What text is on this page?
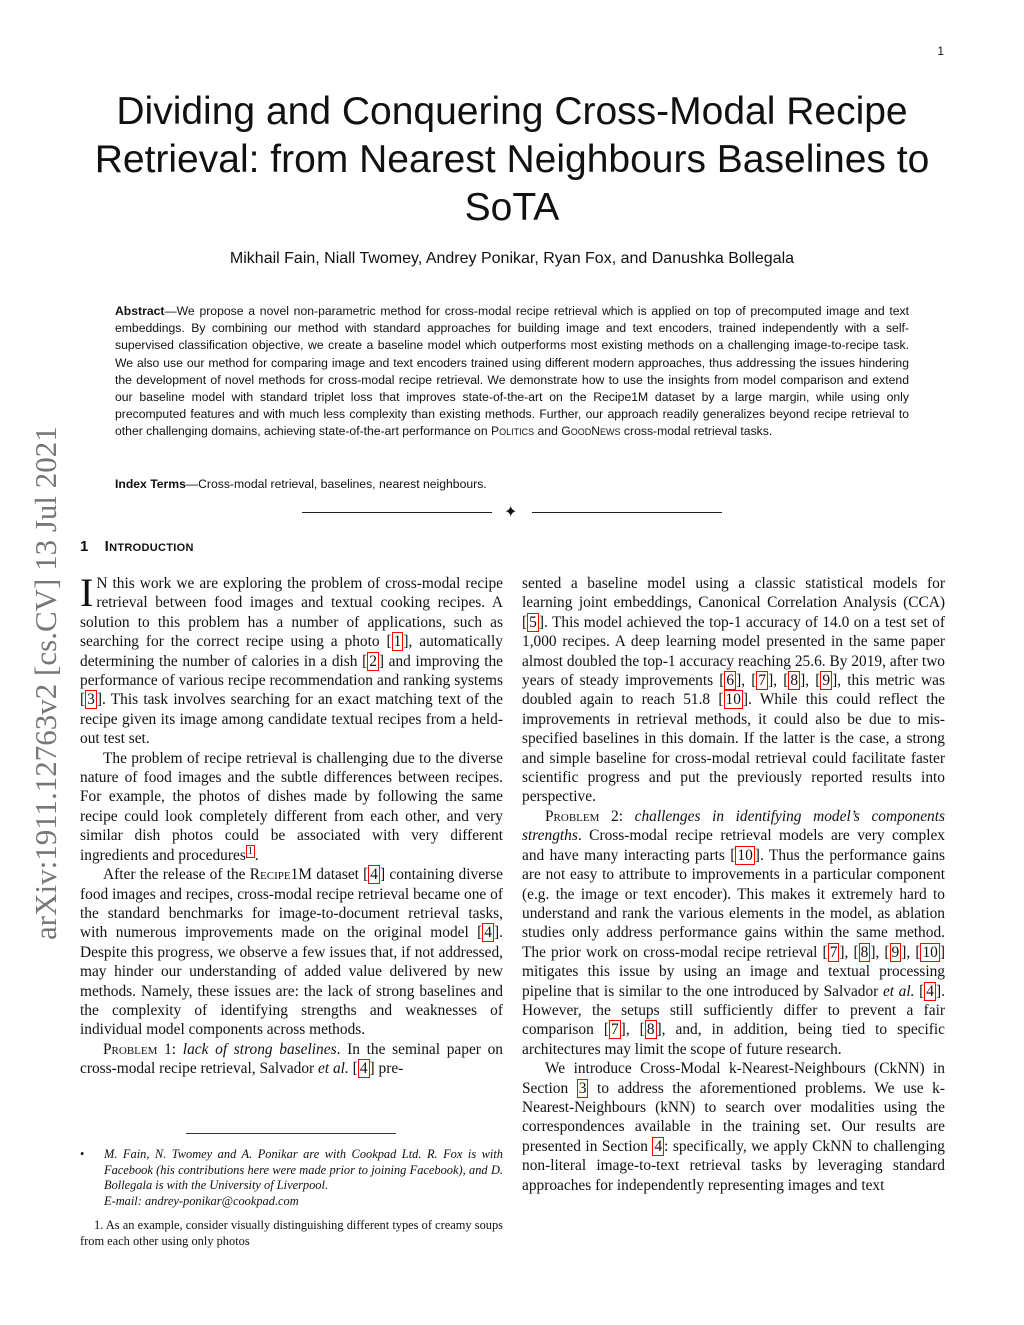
1
Dividing and Conquering Cross-Modal Recipe Retrieval: from Nearest Neighbours Baselines to SoTA
Mikhail Fain, Niall Twomey, Andrey Ponikar, Ryan Fox, and Danushka Bollegala

Abstract—We propose a novel non-parametric method for cross-modal recipe retrieval which is applied on top of precomputed image and text embeddings. By combining our method with standard approaches for building image and text encoders, trained independently with a self-supervised classification objective, we create a baseline model which outperforms most existing methods on a challenging image-to-recipe task. We also use our method for comparing image and text encoders trained using different modern approaches, thus addressing the issues hindering the development of novel methods for cross-modal recipe retrieval. We demonstrate how to use the insights from model comparison and extend our baseline model with standard triplet loss that improves state-of-the-art on the Recipe1M dataset by a large margin, while using only precomputed features and with much less complexity than existing methods. Further, our approach readily generalizes beyond recipe retrieval to other challenging domains, achieving state-of-the-art performance on Politics and GoodNews cross-modal retrieval tasks.

Index Terms—Cross-modal retrieval, baselines, nearest neighbours.

✦
1 Introduction

I N this work we are exploring the problem of cross-modal recipe retrieval between food images and textual cooking recipes. A solution to this problem has a number of applications, such as searching for the correct recipe using a photo [ 1 ], automatically determining the number of calories in a dish [ 2 ] and improving the performance of various recipe recommendation and ranking systems [ 3 ]. This task involves searching for an exact matching text of the recipe given its image among candidate textual recipes from a held-out test set.

The problem of recipe retrieval is challenging due to the diverse nature of food images and the subtle differences between recipes. For example, the photos of dishes made by following the same recipe could look completely different from each other, and very similar dish photos could be associated with very different ingredients and procedures $^1$ .

After the release of the Recipe1M dataset [ 4 ] containing diverse food images and recipes, cross-modal recipe retrieval became one of the standard benchmarks for image-to-document retrieval tasks, with numerous improvements made on the original model [ 4 ]. Despite this progress, we observe a few issues that, if not addressed, may hinder our understanding of added value delivered by new methods. Namely, these issues are: the lack of strong baselines and the complexity of identifying strengths and weaknesses of individual model components across methods.

Problem 1: lack of strong baselines. In the seminal paper on cross-modal recipe retrieval, Salvador et al. [ 4 ] pre-

• M. Fain, N. Twomey and A. Ponikar are with Cookpad Ltd. R. Fox is with Facebook (his contributions here were made prior to joining Facebook), and D. Bollegala is with the University of Liverpool.
E-mail: andrey-ponikar@cookpad.com

1. As an example, consider visually distinguishing different types of creamy soups from each other using only photos

sented a baseline model using a classic statistical models for learning joint embeddings, Canonical Correlation Analysis (CCA) [ 5 ]. This model achieved the top-1 accuracy of 14.0 on a test set of 1,000 recipes. A deep learning model presented in the same paper almost doubled the top-1 accuracy reaching 25.6. By 2019, after two years of steady improvements [ 6 ], [ 7 ], [ 8 ], [ 9 ], this metric was doubled again to reach 51.8 [ 10 ]. While this could reflect the improvements in retrieval methods, it could also be due to mis-specified baselines in this domain. If the latter is the case, a strong and simple baseline for cross-modal retrieval could facilitate faster scientific progress and put the previously reported results into perspective.

Problem 2: challenges in identifying model’s components strengths. Cross-modal recipe retrieval models are very complex and have many interacting parts [ 10 ]. Thus the performance gains are not easy to attribute to improvements in a particular component (e.g. the image or text encoder). This makes it extremely hard to understand and rank the various elements in the model, as ablation studies only address performance gains within the same method. The prior work on cross-modal recipe retrieval [ 7 ], [ 8 ], [ 9 ], [ 10 ] mitigates this issue by using an image and textual processing pipeline that is similar to the one introduced by Salvador et al. [ 4 ]. However, the setups still sufficiently differ to prevent a fair comparison [ 7 ], [ 8 ], and, in addition, being tied to specific architectures may limit the scope of future research.

We introduce Cross-Modal k-Nearest-Neighbours (CkNN) in Section 3 to address the aforementioned problems. We use k-Nearest-Neighbours (kNN) to search over modalities using the correspondences available in the training set. Our results are presented in Section 4 : specifically, we apply CkNN to challenging non-literal image-to-text retrieval tasks by leveraging standard approaches for independently representing images and text

arXiv:1911.12763v2 [cs.CV] 13 Jul 2021
